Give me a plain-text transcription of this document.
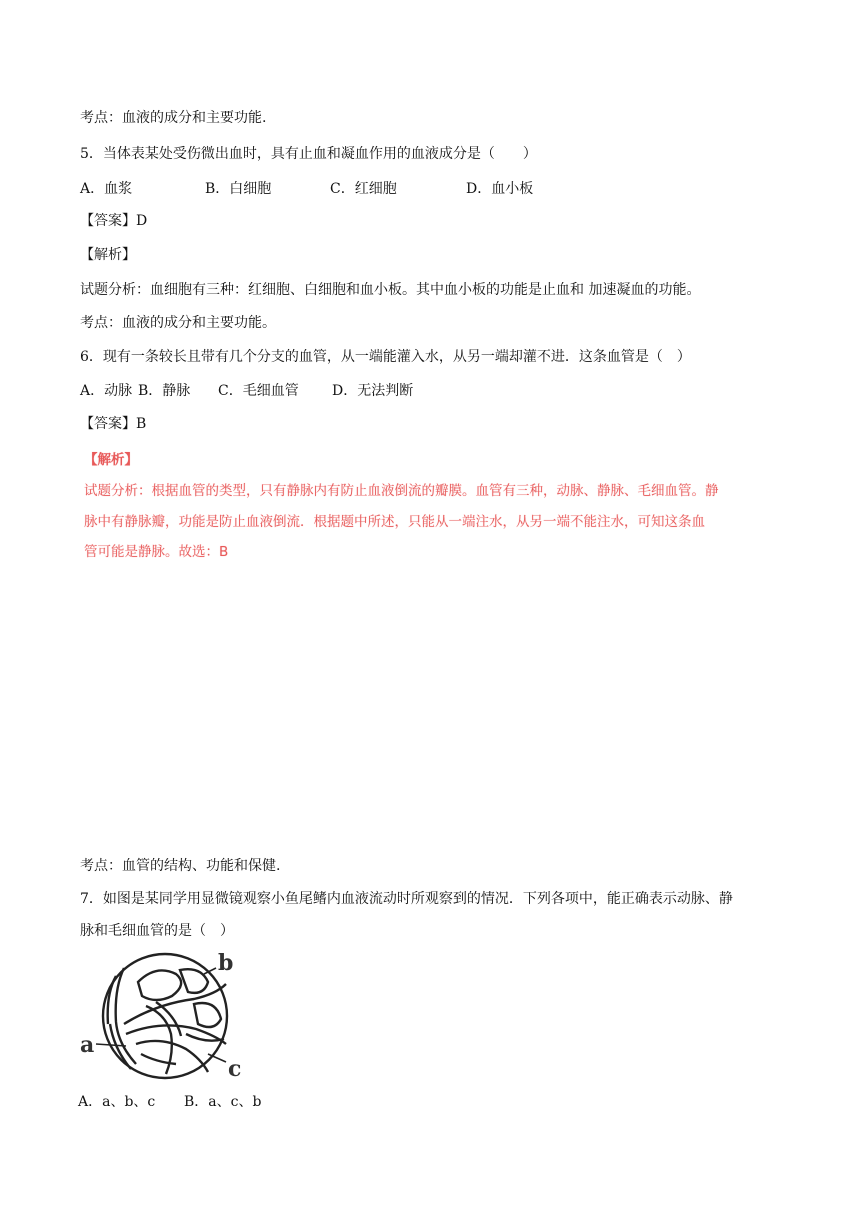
考点：血液的成分和主要功能.
5．当体表某处受伤微出血时，具有止血和凝血作用的血液成分是（　　）
A．血浆	B．白细胞	C．红细胞	D．血小板
【答案】D
【解析】
试题分析：血细胞有三种：红细胞、白细胞和血小板。其中血小板的功能是止血和 加速凝血的功能。
考点：血液的成分和主要功能。
6．现有一条较长且带有几个分支的血管，从一端能灌入水，从另一端却灌不进．这条血管是（　）
A．动脉 B．静脉 C．毛细血管 D．无法判断
【答案】B
【解析】
试题分析：根据血管的类型，只有静脉内有防止血液倒流的瓣膜。血管有三种，动脉、静脉、毛细血管。静
脉中有静脉瓣，功能是防止血液倒流．根据题中所述，只能从一端注水，从另一端不能注水，可知这条血
管可能是静脉。故选：B
考点：血管的结构、功能和保健.
7．如图是某同学用显微镜观察小鱼尾鳍内血液流动时所观察到的情况．下列各项中，能正确表示动脉、静
脉和毛细血管的是（　）
b
a
c
A．a、b、c B．a、c、b
